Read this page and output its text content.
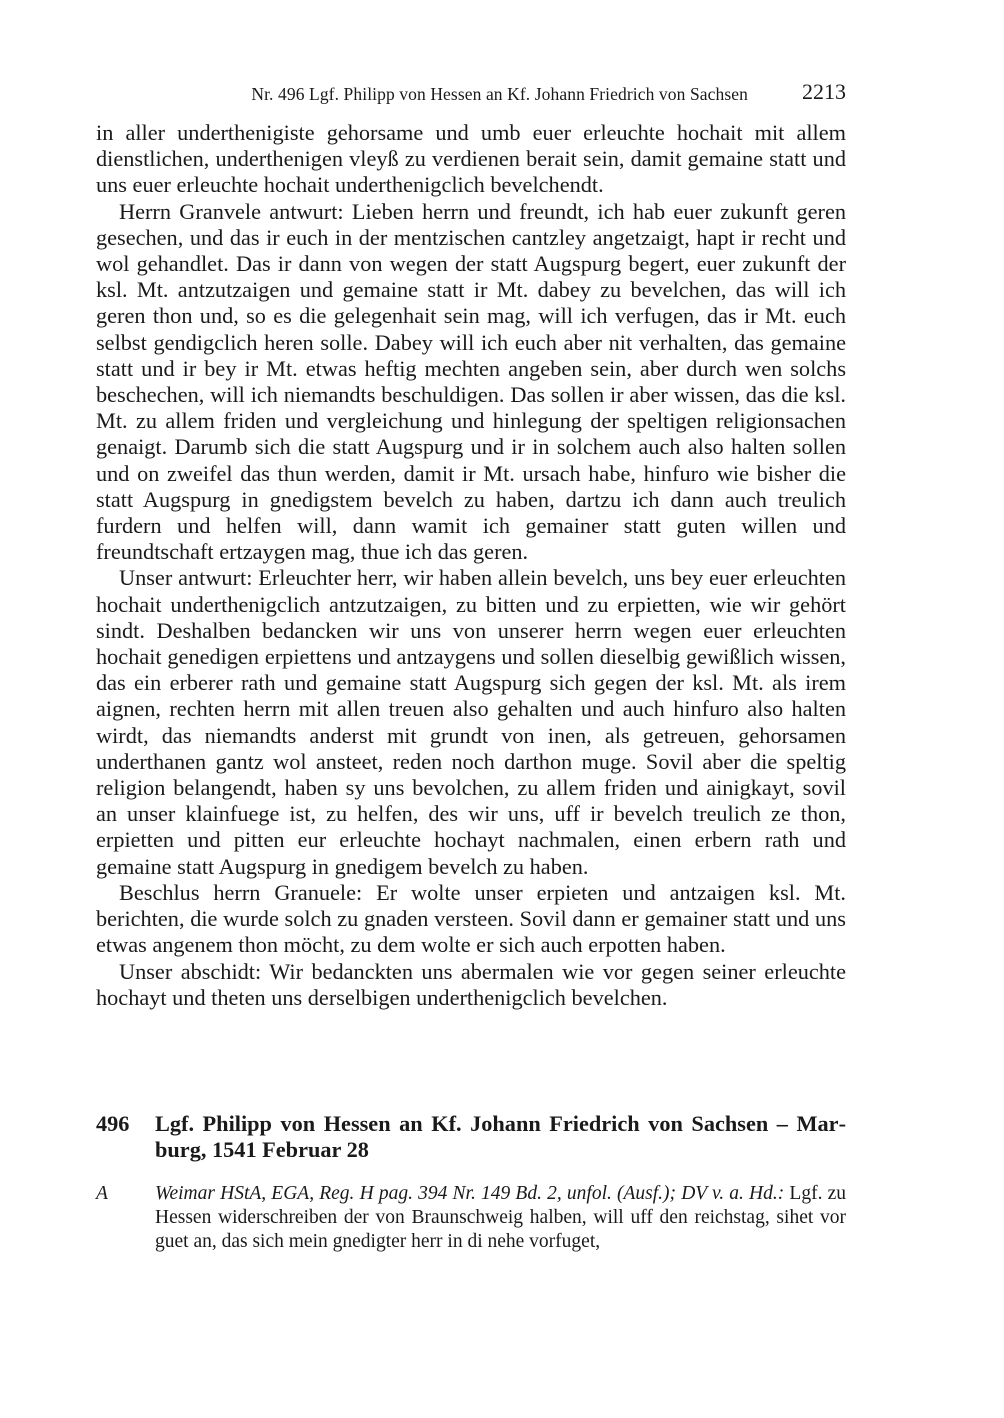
Nr. 496 Lgf. Philipp von Hessen an Kf. Johann Friedrich von Sachsen 2213

in aller underthenigiste gehorsame und umb euer erleuchte hochait mit allem dienstlichen, underthenigen vleyß zu verdienen berait sein, damit gemaine statt und uns euer erleuchte hochait underthenigclich bevelchendt.

Herrn Granvele antwurt: Lieben herrn und freundt, ich hab euer zukunft geren gesechen, und das ir euch in der mentzischen cantzley angetzaigt, hapt ir recht und wol gehandlet. Das ir dann von wegen der statt Augspurg begert, euer zukunft der ksl. Mt. antzutzaigen und gemaine statt ir Mt. dabey zu bevelchen, das will ich geren thon und, so es die gelegenhait sein mag, will ich verfugen, das ir Mt. euch selbst gendigclich heren solle. Dabey will ich euch aber nit verhalten, das gemaine statt und ir bey ir Mt. etwas heftig mechten angeben sein, aber durch wen solchs beschechen, will ich niemandts beschuldigen. Das sollen ir aber wissen, das die ksl. Mt. zu allem friden und vergleichung und hinlegung der speltigen religionsachen genaigt. Darumb sich die statt Augspurg und ir in solchem auch also halten sollen und on zweifel das thun werden, damit ir Mt. ursach habe, hinfuro wie bisher die statt Augspurg in gnedigstem bevelch zu haben, dartzu ich dann auch treulich furdern und helfen will, dann wamit ich gemainer statt guten willen und freundtschaft ertzaygen mag, thue ich das geren.

Unser antwurt: Erleuchter herr, wir haben allein bevelch, uns bey euer erleuchten hochait underthenigclich antzutzaigen, zu bitten und zu erpietten, wie wir gehört sindt. Deshalben bedancken wir uns von unserer herrn wegen euer erleuchten hochait genedigen erpiettens und antzaygens und sollen dieselbig gewißlich wissen, das ein erberer rath und gemaine statt Augspurg sich gegen der ksl. Mt. als irem aignen, rechten herrn mit allen treuen also gehalten und auch hinfuro also halten wirdt, das niemandts anderst mit grundt von inen, als getreuen, gehorsamen underthanen gantz wol ansteet, reden noch darthon muge. Sovil aber die speltig religion belangendt, haben sy uns bevolchen, zu allem friden und ainigkayt, sovil an unser klainfuege ist, zu helfen, des wir uns, uff ir bevelch treulich ze thon, erpietten und pitten eur erleuchte hochayt nachmalen, einen erbern rath und gemaine statt Augspurg in gnedigem bevelch zu haben.

Beschlus herrn Granuele: Er wolte unser erpieten und antzaigen ksl. Mt. berichten, die wurde solch zu gnaden versteen. Sovil dann er gemainer statt und uns etwas angenem thon möcht, zu dem wolte er sich auch erpotten haben.

Unser abschidt: Wir bedanckten uns abermalen wie vor gegen seiner erleuchte hochayt und theten uns derselbigen underthenigclich bevelchen.

496 Lgf. Philipp von Hessen an Kf. Johann Friedrich von Sachsen – Marburg, 1541 Februar 28
A Weimar HStA, EGA, Reg. H pag. 394 Nr. 149 Bd. 2, unfol. (Ausf.); DV v. a. Hd.: Lgf. zu Hessen widerschreiben der von Braunschweig halben, will uff den reichstag, sihet vor guet an, das sich mein gnedigter herr in di nehe vorfuget,
